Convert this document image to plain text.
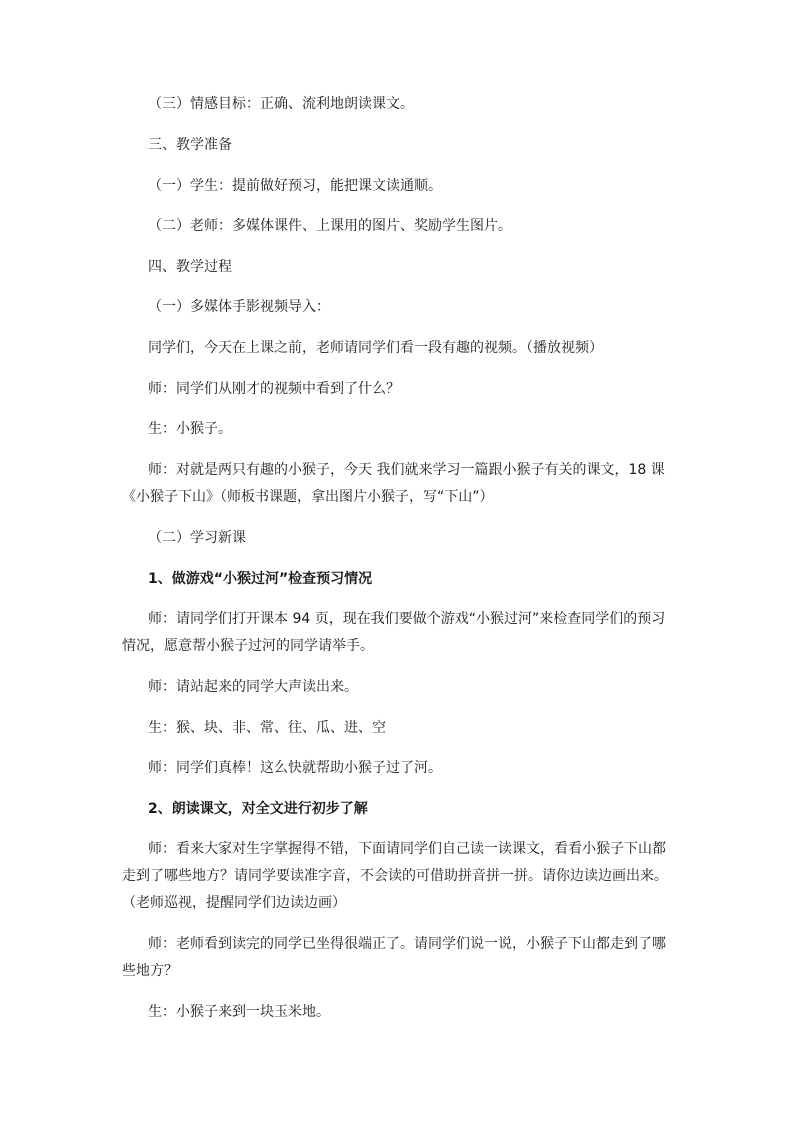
（三）情感目标：正确、流利地朗读课文。

三、教学准备

（一）学生：提前做好预习，能把课文读通顺。

（二）老师：多媒体课件、上课用的图片、奖励学生图片。

四、教学过程

（一）多媒体手影视频导入：

同学们，今天在上课之前，老师请同学们看一段有趣的视频。（播放视频）

师：同学们从刚才的视频中看到了什么？

生：小猴子。

师：对就是两只有趣的小猴子，今天 我们就来学习一篇跟小猴子有关的课文，18 课《小猴子下山》（师板书课题，拿出图片小猴子，写“下山”）

（二）学习新课

1、做游戏“小猴过河”检查预习情况

师：请同学们打开课本 94 页，现在我们要做个游戏“小猴过河”来检查同学们的预习情况，愿意帮小猴子过河的同学请举手。

师：请站起来的同学大声读出来。

生：猴、块、非、常、往、瓜、进、空

师：同学们真棒！这么快就帮助小猴子过了河。

2、朗读课文，对全文进行初步了解

师：看来大家对生字掌握得不错，下面请同学们自己读一读课文，看看小猴子下山都走到了哪些地方？请同学要读准字音，不会读的可借助拼音拼一拼。请你边读边画出来。（老师巡视，提醒同学们边读边画）

师：老师看到读完的同学已坐得很端正了。请同学们说一说，小猴子下山都走到了哪些地方？

生：小猴子来到一块玉米地。
